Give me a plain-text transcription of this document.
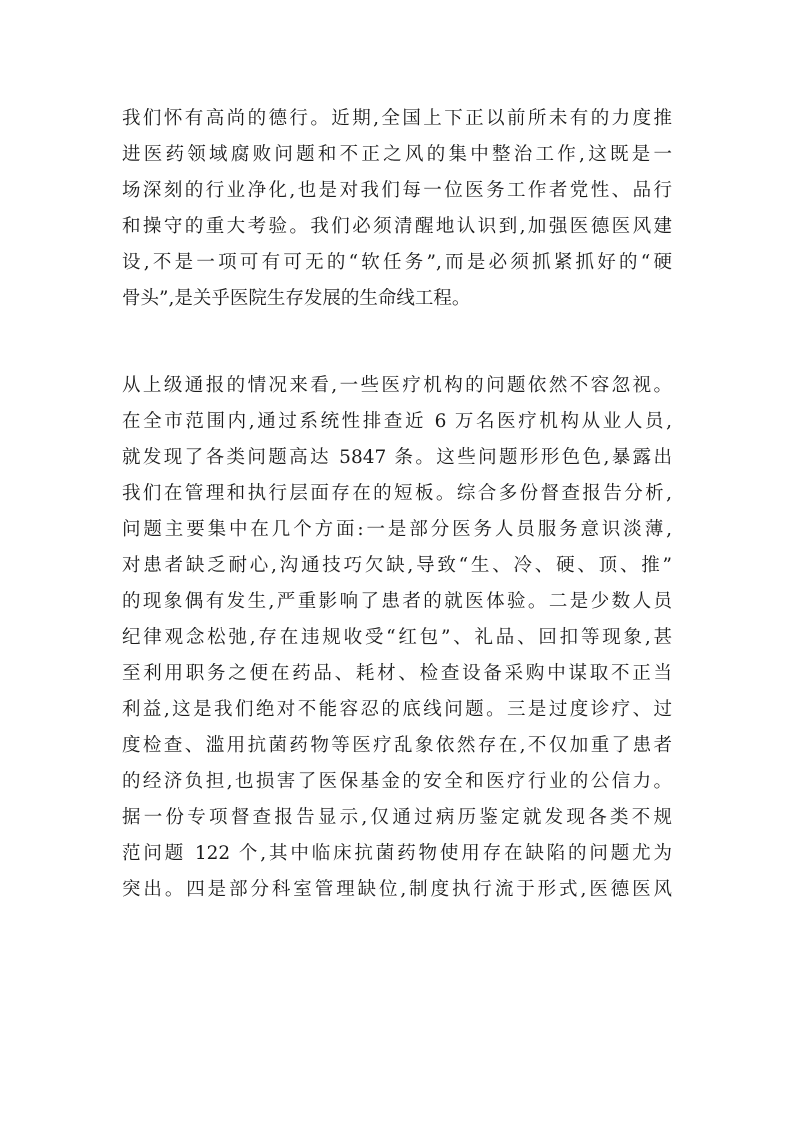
我们怀有高尚的德行。近期,全国上下正以前所未有的力度推
进医药领域腐败问题和不正之风的集中整治工作,这既是一
场深刻的行业净化,也是对我们每一位医务工作者党性、品行
和操守的重大考验。我们必须清醒地认识到,加强医德医风建
设,不是一项可有可无的“软任务”,而是必须抓紧抓好的“硬
骨头”,是关乎医院生存发展的生命线工程。
从上级通报的情况来看,一些医疗机构的问题依然不容忽视。
在全市范围内,通过系统性排查近 6 万名医疗机构从业人员,
就发现了各类问题高达 5847 条。这些问题形形色色,暴露出
我们在管理和执行层面存在的短板。综合多份督查报告分析,
问题主要集中在几个方面:一是部分医务人员服务意识淡薄,
对患者缺乏耐心,沟通技巧欠缺,导致“生、冷、硬、顶、推”
的现象偶有发生,严重影响了患者的就医体验。二是少数人员
纪律观念松弛,存在违规收受“红包”、礼品、回扣等现象,甚
至利用职务之便在药品、耗材、检查设备采购中谋取不正当
利益,这是我们绝对不能容忍的底线问题。三是过度诊疗、过
度检查、滥用抗菌药物等医疗乱象依然存在,不仅加重了患者
的经济负担,也损害了医保基金的安全和医疗行业的公信力。
据一份专项督查报告显示,仅通过病历鉴定就发现各类不规
范问题 122 个,其中临床抗菌药物使用存在缺陷的问题尤为
突出。四是部分科室管理缺位,制度执行流于形式,医德医风
